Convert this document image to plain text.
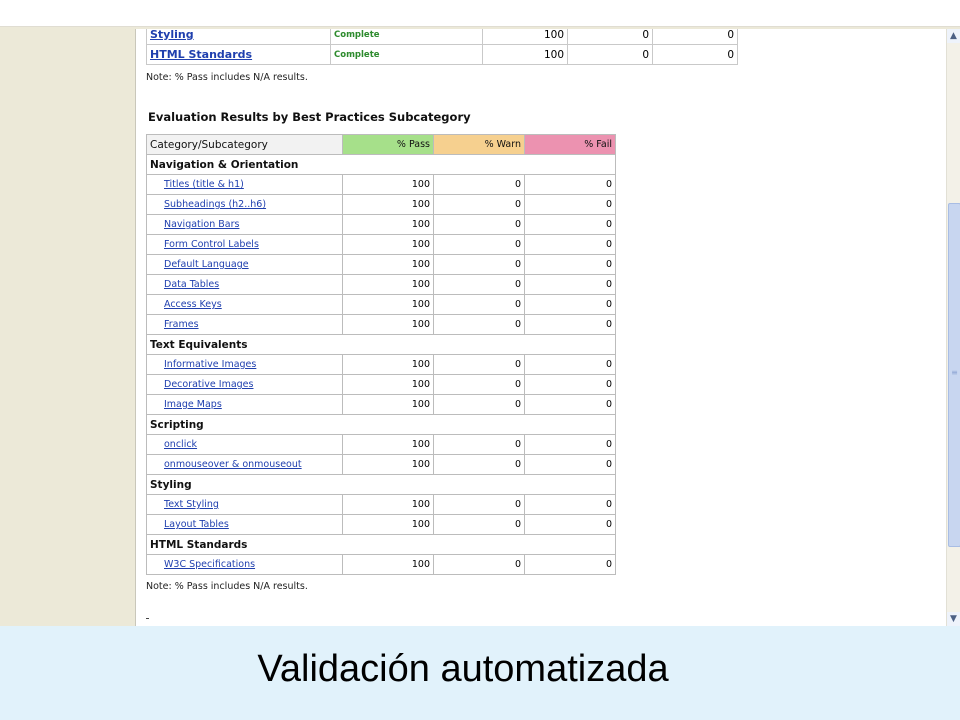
Styling	Complete	100	0	0
HTML Standards	Complete	100	0	0
Note: % Pass includes N/A results.
Evaluation Results by Best Practices Subcategory
Category/Subcategory	% Pass	% Warn	% Fail
Navigation & Orientation			
Titles (title & h1)	100	0	0
Subheadings (h2..h6)	100	0	0
Navigation Bars	100	0	0
Form Control Labels	100	0	0
Default Language	100	0	0
Data Tables	100	0	0
Access Keys	100	0	0
Frames	100	0	0
Text Equivalents			
Informative Images	100	0	0
Decorative Images	100	0	0
Image Maps	100	0	0
Scripting			
onclick	100	0	0
onmouseover & onmouseout	100	0	0
Styling			
Text Styling	100	0	0
Layout Tables	100	0	0
HTML Standards			
W3C Specifications	100	0	0
Note: % Pass includes N/A results.
▲
≡
▼
Validación automatizada
